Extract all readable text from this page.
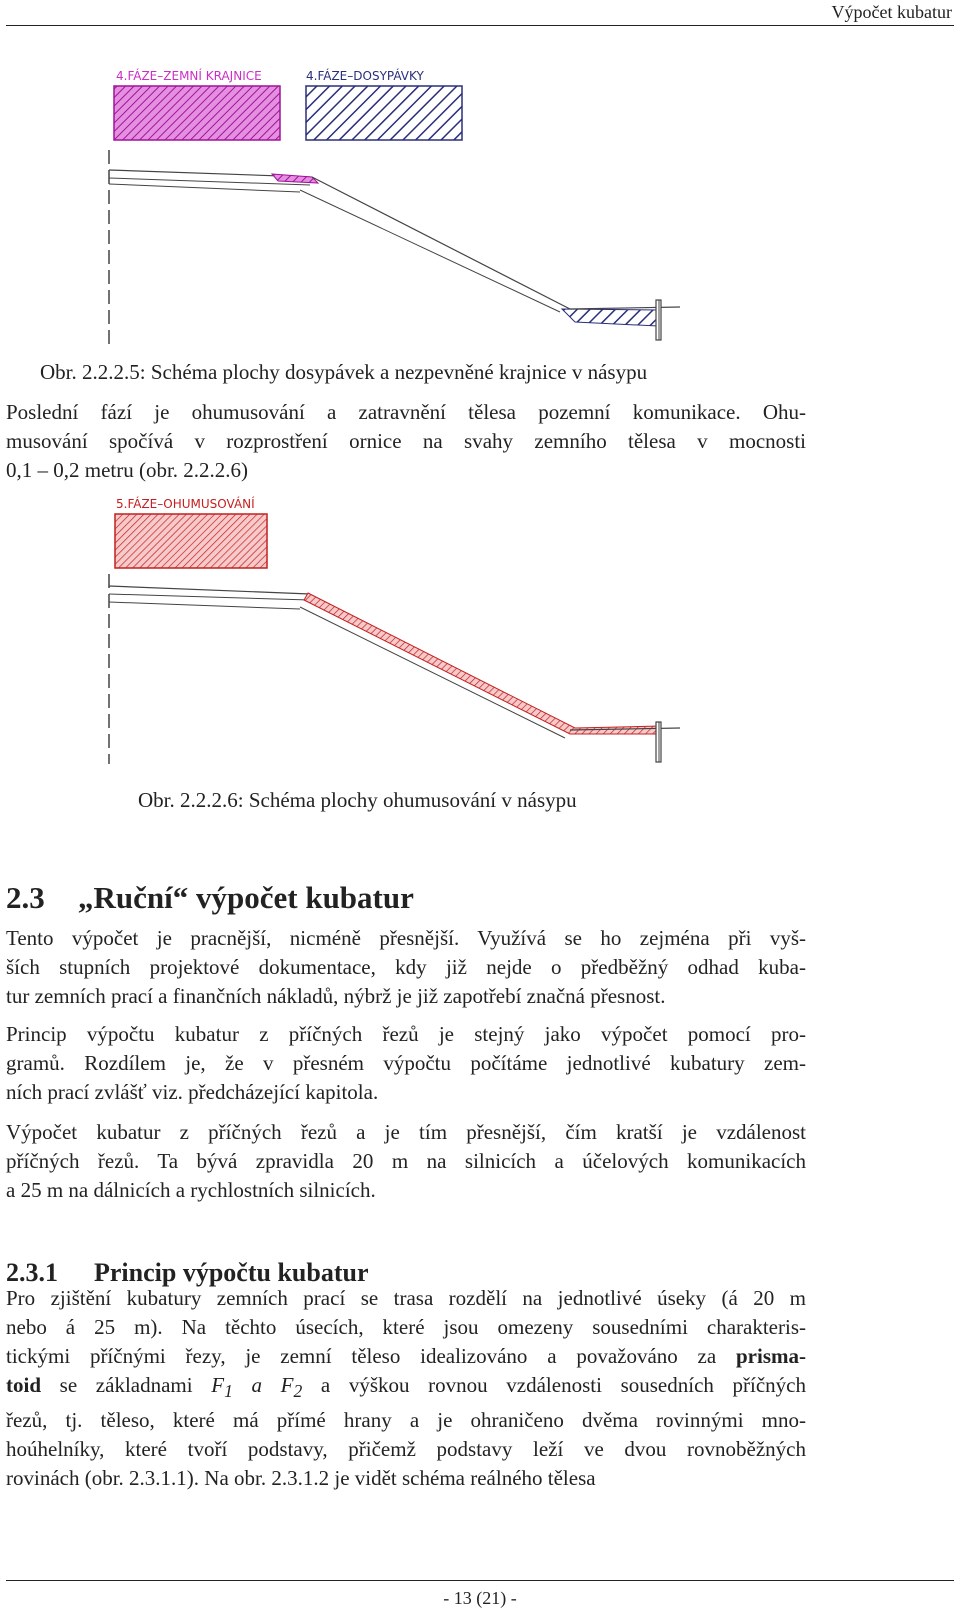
Výpočet kubatur
4.FÁZE–ZEMNÍ KRAJNICE	4.FÁZE–DOSYPÁVKY
Obr. 2.2.2.5: Schéma plochy dosypávek a nezpevněné krajnice v násypu
Poslední fází je ohumusování a zatravnění tělesa pozemní komunikace. Ohu-
musování spočívá v rozprostření ornice na svahy zemního tělesa v mocnosti
0,1 – 0,2 metru (obr. 2.2.2.6)
5.FÁZE–OHUMUSOVÁNÍ
Obr. 2.2.2.6: Schéma plochy ohumusování v násypu
2.3 „Ruční“ výpočet kubatur
Tento výpočet je pracnější, nicméně přesnější. Využívá se ho zejména při vyš-
ších stupních projektové dokumentace, kdy již nejde o předběžný odhad kuba-
tur zemních prací a finančních nákladů, nýbrž je již zapotřebí značná přesnost.
Princip výpočtu kubatur z příčných řezů je stejný jako výpočet pomocí pro-
gramů. Rozdílem je, že v přesném výpočtu počítáme jednotlivé kubatury zem-
ních prací zvlášť viz. předcházející kapitola.
Výpočet kubatur z příčných řezů a je tím přesnější, čím kratší je vzdálenost
příčných řezů. Ta bývá zpravidla 20 m na silnicích a účelových komunikacích
a 25 m na dálnicích a rychlostních silnicích.
2.3.1 Princip výpočtu kubatur
Pro zjištění kubatury zemních prací se trasa rozdělí na jednotlivé úseky (á 20 m
nebo á 25 m). Na těchto úsecích, které jsou omezeny sousedními charakteris-
tickými příčnými řezy, je zemní těleso idealizováno a považováno za prisma-
toid se základnami $F_1$ a $F_2$ a výškou rovnou vzdálenosti sousedních příčných
řezů, tj. těleso, které má přímé hrany a je ohraničeno dvěma rovinnými mno-
hoúhelníky, které tvoří podstavy, přičemž podstavy leží ve dvou rovnoběžných
rovinách (obr. 2.3.1.1). Na obr. 2.3.1.2 je vidět schéma reálného tělesa
- 13 (21) -
